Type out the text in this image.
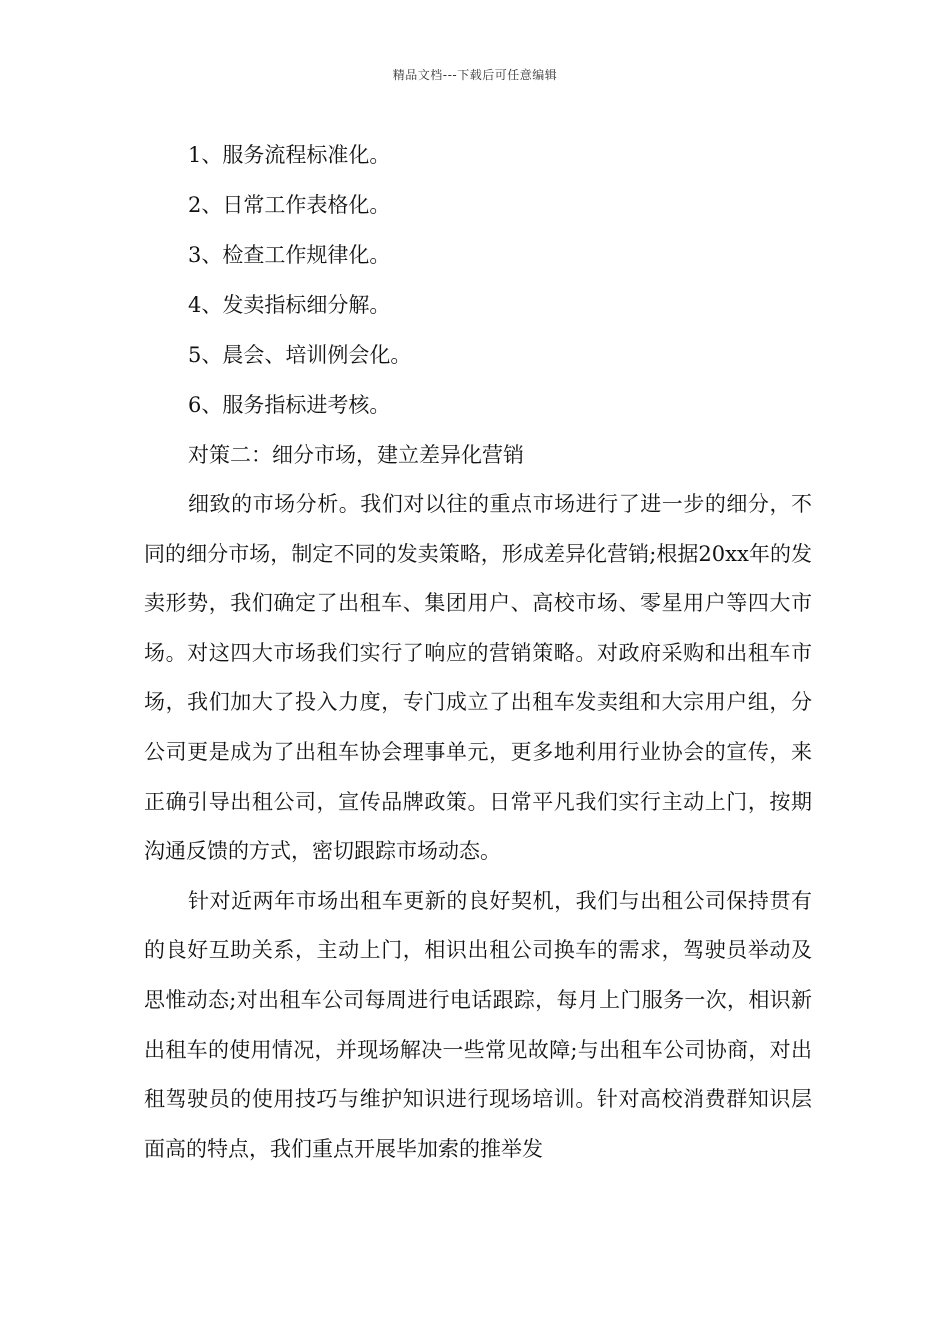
精品文档---下载后可任意编辑
1、服务流程标准化。
2、日常工作表格化。
3、检查工作规律化。
4、发卖指标细分解。
5、晨会、培训例会化。
6、服务指标进考核。
对策二：细分市场，建立差异化营销

细致的市场分析。我们对以往的重点市场进行了进一步的细分，不同的细分市场，制定不同的发卖策略，形成差异化营销;根据20xx年的发卖形势，我们确定了出租车、集团用户、高校市场、零星用户等四大市场。对这四大市场我们实行了响应的营销策略。对政府采购和出租车市场，我们加大了投入力度，专门成立了出租车发卖组和大宗用户组，分公司更是成为了出租车协会理事单元，更多地利用行业协会的宣传，来正确引导出租公司，宣传品牌政策。日常平凡我们实行主动上门，按期沟通反馈的方式，密切跟踪市场动态。

针对近两年市场出租车更新的良好契机，我们与出租公司保持贯有的良好互助关系，主动上门，相识出租公司换车的需求，驾驶员举动及思惟动态;对出租车公司每周进行电话跟踪，每月上门服务一次，相识新出租车的使用情况，并现场解决一些常见故障;与出租车公司协商，对出租驾驶员的使用技巧与维护知识进行现场培训。针对高校消费群知识层面高的特点，我们重点开展毕加索的推举发
